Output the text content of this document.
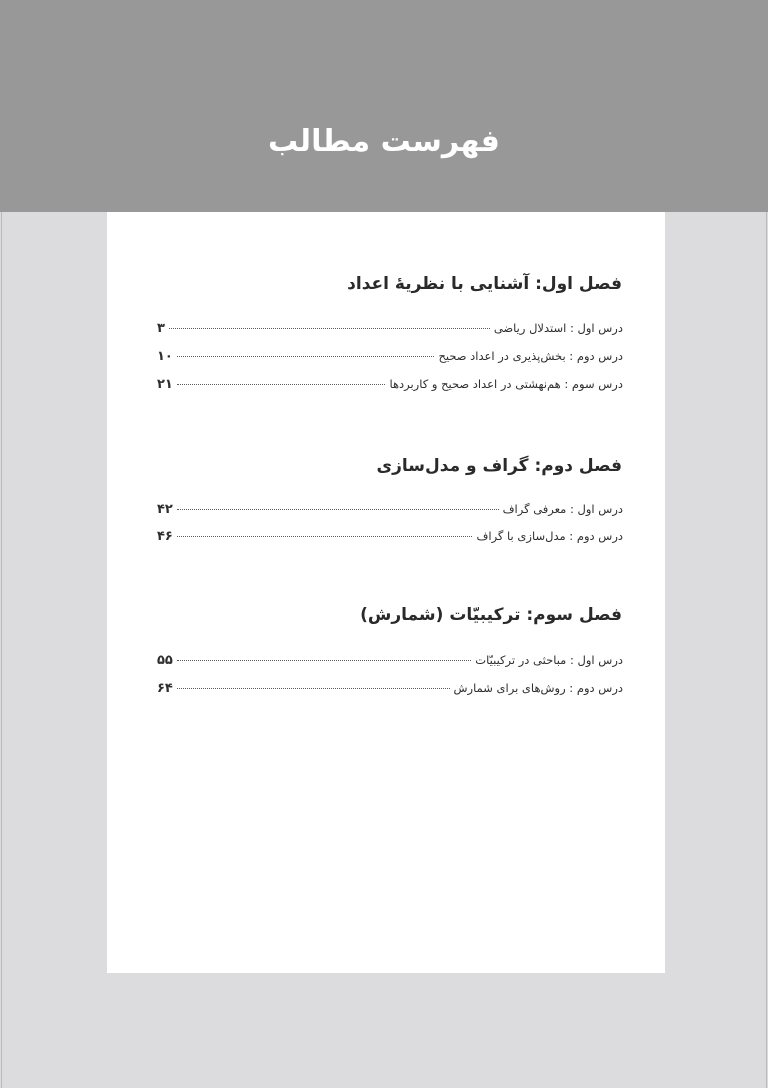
فهرست مطالب
فصل اول: آشنایی با نظریهٔ اعداد
درس اول : استدلال ریاضی
۳
درس دوم : بخش‌پذیری در اعداد صحیح
۱۰
درس سوم : هم‌نهشتی در اعداد صحیح و کاربردها
۲۱
فصل دوم: گراف و مدل‌سازی
درس اول : معرفی گراف
۴۲
درس دوم : مدل‌سازی با گراف
۴۶
فصل سوم: ترکیبیّات (شمارش)
درس اول : مباحثی در ترکیبیّات
۵۵
درس دوم : روش‌های برای شمارش
۶۴
